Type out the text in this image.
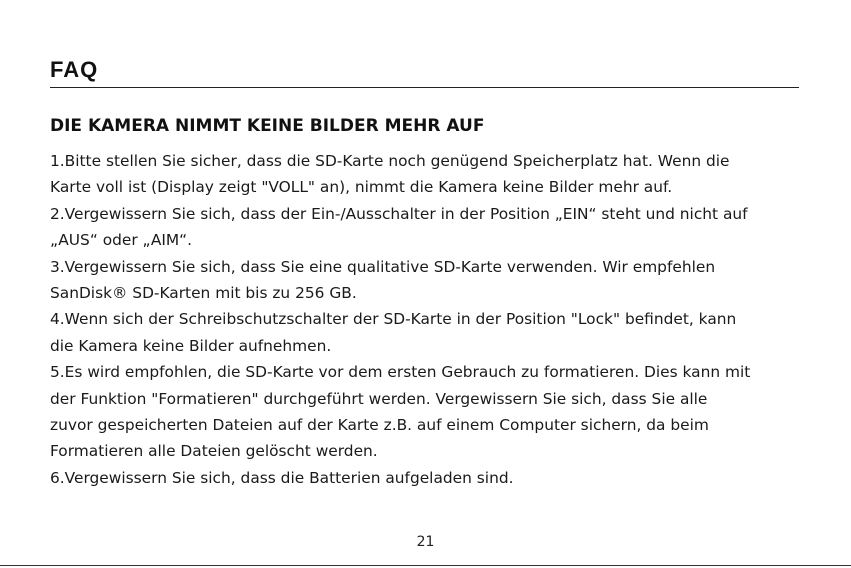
FAQ
DIE KAMERA NIMMT KEINE BILDER MEHR AUF
1.Bitte stellen Sie sicher, dass die SD-Karte noch genügend Speicherplatz hat. Wenn die
Karte voll ist (Display zeigt "VOLL" an), nimmt die Kamera keine Bilder mehr auf.
2.Vergewissern Sie sich, dass der Ein-/Ausschalter in der Position „EIN“ steht und nicht auf
„AUS“ oder „AIM“.
3.Vergewissern Sie sich, dass Sie eine qualitative SD-Karte verwenden. Wir empfehlen
SanDisk® SD-Karten mit bis zu 256 GB.
4.Wenn sich der Schreibschutzschalter der SD-Karte in der Position "Lock" befindet, kann
die Kamera keine Bilder aufnehmen.
5.Es wird empfohlen, die SD-Karte vor dem ersten Gebrauch zu formatieren. Dies kann mit
der Funktion "Formatieren" durchgeführt werden. Vergewissern Sie sich, dass Sie alle
zuvor gespeicherten Dateien auf der Karte z.B. auf einem Computer sichern, da beim
Formatieren alle Dateien gelöscht werden.
6.Vergewissern Sie sich, dass die Batterien aufgeladen sind.
21
